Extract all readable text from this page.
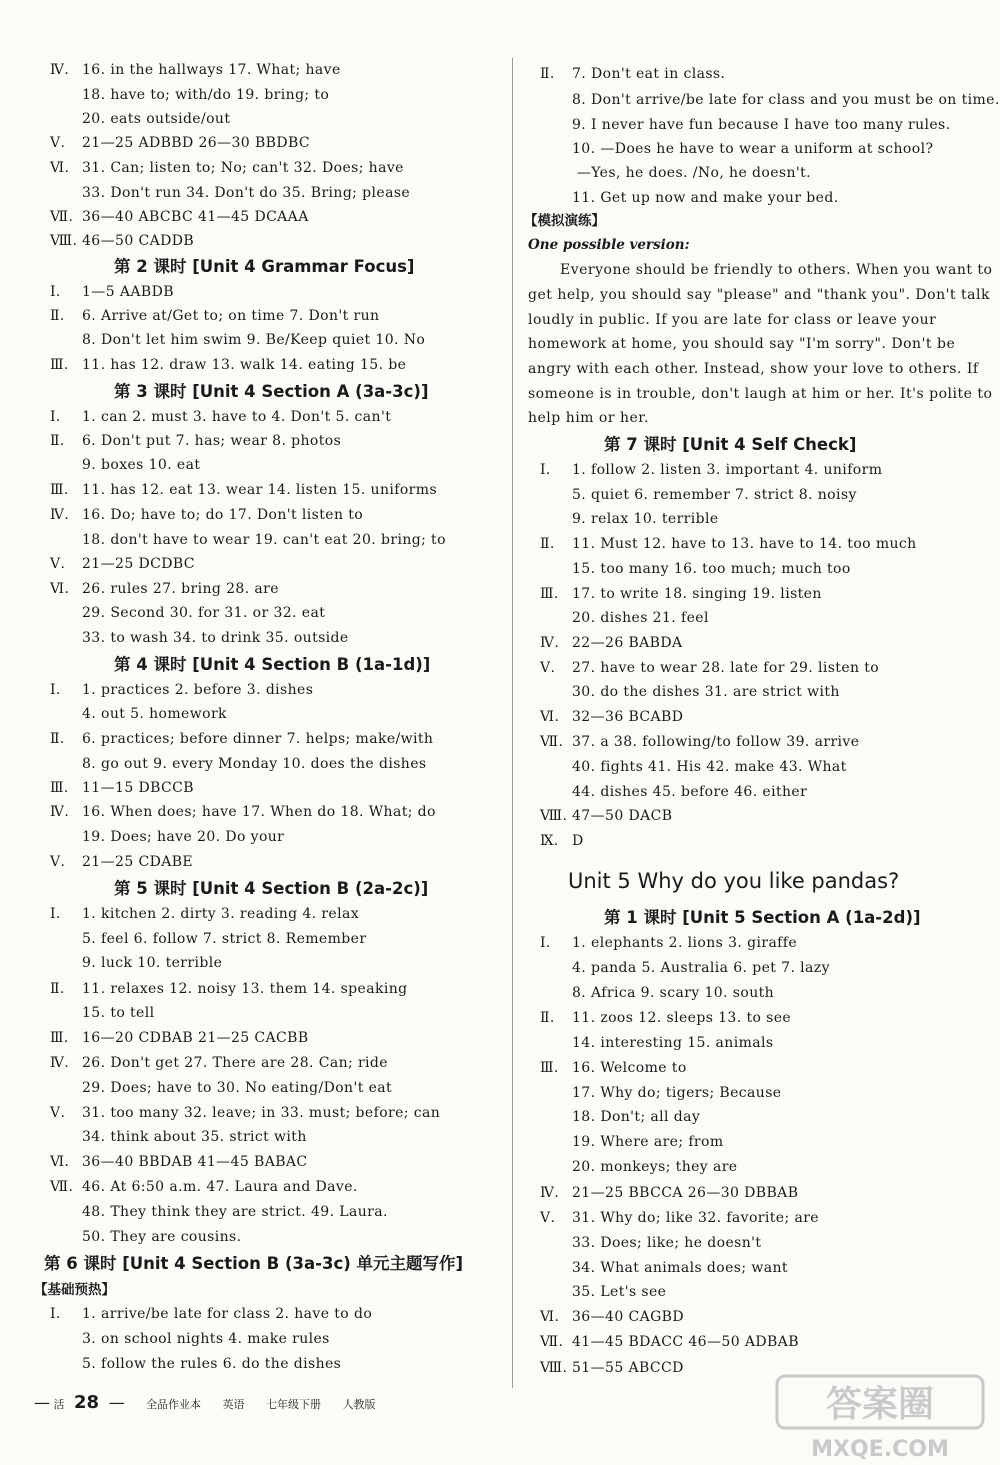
Ⅳ. 16. in the hallways 17. What; have
18. have to; with/do 19. bring; to
20. eats outside/out
Ⅴ. 21—25 ADBBD 26—30 BBDBC
Ⅵ. 31. Can; listen to; No; can't 32. Does; have
33. Don't run 34. Don't do 35. Bring; please
Ⅶ. 36—40 ABCBC 41—45 DCAAA
Ⅷ. 46—50 CADDB
第 2 课时 [Unit 4 Grammar Focus]
Ⅰ. 1—5 AABDB
Ⅱ. 6. Arrive at/Get to; on time 7. Don't run
8. Don't let him swim 9. Be/Keep quiet 10. No
Ⅲ. 11. has 12. draw 13. walk 14. eating 15. be
第 3 课时 [Unit 4 Section A (3a-3c)]
Ⅰ. 1. can 2. must 3. have to 4. Don't 5. can't
Ⅱ. 6. Don't put 7. has; wear 8. photos
9. boxes 10. eat
Ⅲ. 11. has 12. eat 13. wear 14. listen 15. uniforms
Ⅳ. 16. Do; have to; do 17. Don't listen to
18. don't have to wear 19. can't eat 20. bring; to
Ⅴ. 21—25 DCDBC
Ⅵ. 26. rules 27. bring 28. are
29. Second 30. for 31. or 32. eat
33. to wash 34. to drink 35. outside
第 4 课时 [Unit 4 Section B (1a-1d)]
Ⅰ. 1. practices 2. before 3. dishes
4. out 5. homework
Ⅱ. 6. practices; before dinner 7. helps; make/with
8. go out 9. every Monday 10. does the dishes
Ⅲ. 11—15 DBCCB
Ⅳ. 16. When does; have 17. When do 18. What; do
19. Does; have 20. Do your
Ⅴ. 21—25 CDABE
第 5 课时 [Unit 4 Section B (2a-2c)]
Ⅰ. 1. kitchen 2. dirty 3. reading 4. relax
5. feel 6. follow 7. strict 8. Remember
9. luck 10. terrible
Ⅱ. 11. relaxes 12. noisy 13. them 14. speaking
15. to tell
Ⅲ. 16—20 CDBAB 21—25 CACBB
Ⅳ. 26. Don't get 27. There are 28. Can; ride
29. Does; have to 30. No eating/Don't eat
Ⅴ. 31. too many 32. leave; in 33. must; before; can
34. think about 35. strict with
Ⅵ. 36—40 BBDAB 41—45 BABAC
Ⅶ. 46. At 6:50 a.m. 47. Laura and Dave.
48. They think they are strict. 49. Laura.
50. They are cousins.
第 6 课时 [Unit 4 Section B (3a-3c) 单元主题写作]
【基础预热】
Ⅰ. 1. arrive/be late for class 2. have to do
3. on school nights 4. make rules
5. follow the rules 6. do the dishes
Ⅱ. 7. Don't eat in class.
8. Don't arrive/be late for class and you must be on time.
9. I never have fun because I have too many rules.
10. —Does he have to wear a uniform at school?
—Yes, he does. /No, he doesn't.
11. Get up now and make your bed.
【模拟演练】
One possible version:
Everyone should be friendly to others. When you want to
get help, you should say "please" and "thank you". Don't talk
loudly in public. If you are late for class or leave your
homework at home, you should say "I'm sorry". Don't be
angry with each other. Instead, show your love to others. If
someone is in trouble, don't laugh at him or her. It's polite to
help him or her.
第 7 课时 [Unit 4 Self Check]
Ⅰ. 1. follow 2. listen 3. important 4. uniform
5. quiet 6. remember 7. strict 8. noisy
9. relax 10. terrible
Ⅱ. 11. Must 12. have to 13. have to 14. too much
15. too many 16. too much; much too
Ⅲ. 17. to write 18. singing 19. listen
20. dishes 21. feel
Ⅳ. 22—26 BABDA
Ⅴ. 27. have to wear 28. late for 29. listen to
30. do the dishes 31. are strict with
Ⅵ. 32—36 BCABD
Ⅶ. 37. a 38. following/to follow 39. arrive
40. fights 41. His 42. make 43. What
44. dishes 45. before 46. either
Ⅷ. 47—50 DACB
Ⅸ. D
Unit 5 Why do you like pandas?
第 1 课时 [Unit 5 Section A (1a-2d)]
Ⅰ. 1. elephants 2. lions 3. giraffe
4. panda 5. Australia 6. pet 7. lazy
8. Africa 9. scary 10. south
Ⅱ. 11. zoos 12. sleeps 13. to see
14. interesting 15. animals
Ⅲ. 16. Welcome to
17. Why do; tigers; Because
18. Don't; all day
19. Where are; from
20. monkeys; they are
Ⅳ. 21—25 BBCCA 26—30 DBBAB
Ⅴ. 31. Why do; like 32. favorite; are
33. Does; like; he doesn't
34. What animals does; want
35. Let's see
Ⅵ. 36—40 CAGBD
Ⅶ. 41—45 BDACC 46—50 ADBAB
Ⅷ. 51—55 ABCCD
— 活 28 — 全品作业本 英语 七年级下册 人教版	答案圈
MXQE.COM
